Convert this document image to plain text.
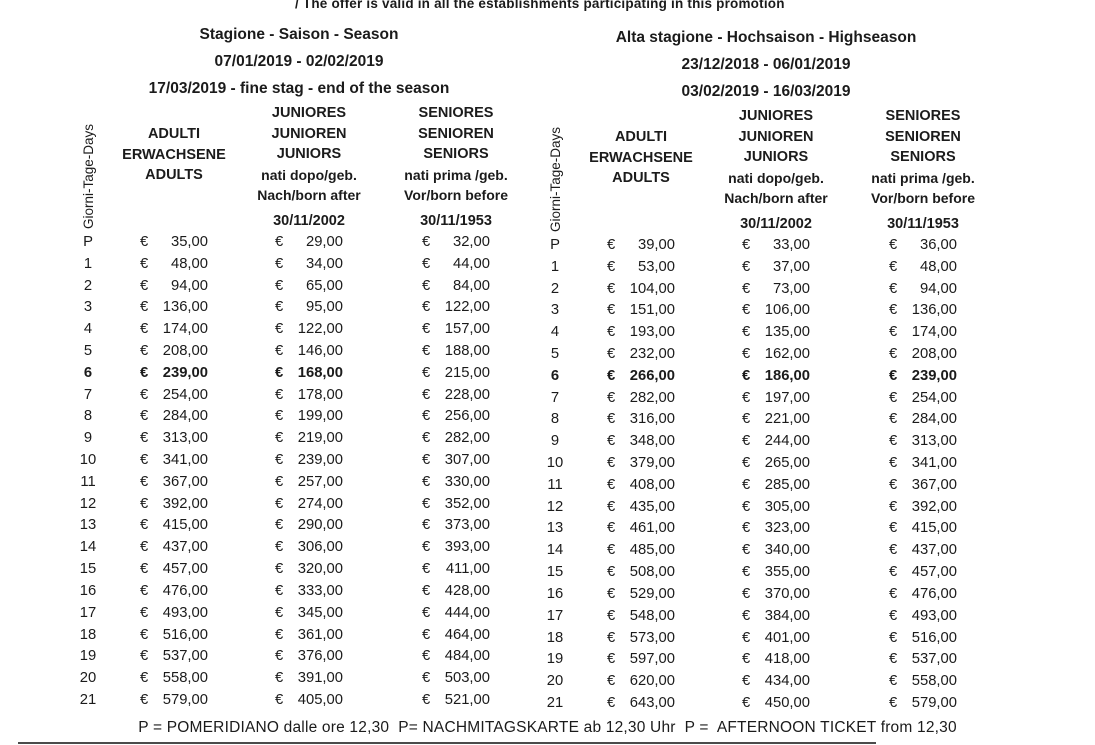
/ The offer is valid in all the establishments participating in this promotion
Stagione - Saison - Season
07/01/2019 - 02/02/2019
17/03/2019 - fine stag - end of the season
Giorni-Tage-Days	ADULTI
ERWACHSENE
ADULTS
JUNIORES
JUNIOREN
JUNIORS
nati dopo/geb.
Nach/born after
30/11/2002
SENIORES
SENIOREN
SENIORS
nati prima /geb.
Vor/born before
30/11/1953
P	€ 35,00	€ 29,00	€ 32,00
1	€ 48,00	€ 34,00	€ 44,00
2	€ 94,00	€ 65,00	€ 84,00
3	€ 136,00	€ 95,00	€ 122,00
4	€ 174,00	€ 122,00	€ 157,00
5	€ 208,00	€ 146,00	€ 188,00
6	€ 239,00	€ 168,00	€ 215,00
7	€ 254,00	€ 178,00	€ 228,00
8	€ 284,00	€ 199,00	€ 256,00
9	€ 313,00	€ 219,00	€ 282,00
10	€ 341,00	€ 239,00	€ 307,00
11	€ 367,00	€ 257,00	€ 330,00
12	€ 392,00	€ 274,00	€ 352,00
13	€ 415,00	€ 290,00	€ 373,00
14	€ 437,00	€ 306,00	€ 393,00
15	€ 457,00	€ 320,00	€ 411,00
16	€ 476,00	€ 333,00	€ 428,00
17	€ 493,00	€ 345,00	€ 444,00
18	€ 516,00	€ 361,00	€ 464,00
19	€ 537,00	€ 376,00	€ 484,00
20	€ 558,00	€ 391,00	€ 503,00
21	€ 579,00	€ 405,00	€ 521,00
Alta stagione - Hochsaison - Highseason
23/12/2018 - 06/01/2019
03/02/2019 - 16/03/2019
Giorni-Tage-Days	ADULTI
ERWACHSENE
ADULTS
JUNIORES
JUNIOREN
JUNIORS
nati dopo/geb.
Nach/born after
30/11/2002
SENIORES
SENIOREN
SENIORS
nati prima /geb.
Vor/born before
30/11/1953
P	€ 39,00	€ 33,00	€ 36,00
1	€ 53,00	€ 37,00	€ 48,00
2	€ 104,00	€ 73,00	€ 94,00
3	€ 151,00	€ 106,00	€ 136,00
4	€ 193,00	€ 135,00	€ 174,00
5	€ 232,00	€ 162,00	€ 208,00
6	€ 266,00	€ 186,00	€ 239,00
7	€ 282,00	€ 197,00	€ 254,00
8	€ 316,00	€ 221,00	€ 284,00
9	€ 348,00	€ 244,00	€ 313,00
10	€ 379,00	€ 265,00	€ 341,00
11	€ 408,00	€ 285,00	€ 367,00
12	€ 435,00	€ 305,00	€ 392,00
13	€ 461,00	€ 323,00	€ 415,00
14	€ 485,00	€ 340,00	€ 437,00
15	€ 508,00	€ 355,00	€ 457,00
16	€ 529,00	€ 370,00	€ 476,00
17	€ 548,00	€ 384,00	€ 493,00
18	€ 573,00	€ 401,00	€ 516,00
19	€ 597,00	€ 418,00	€ 537,00
20	€ 620,00	€ 434,00	€ 558,00
21	€ 643,00	€ 450,00	€ 579,00
P = POMERIDIANO dalle ore 12,30  P= NACHMITAGSKARTE ab 12,30 Uhr  P =  AFTERNOON TICKET from 12,30
